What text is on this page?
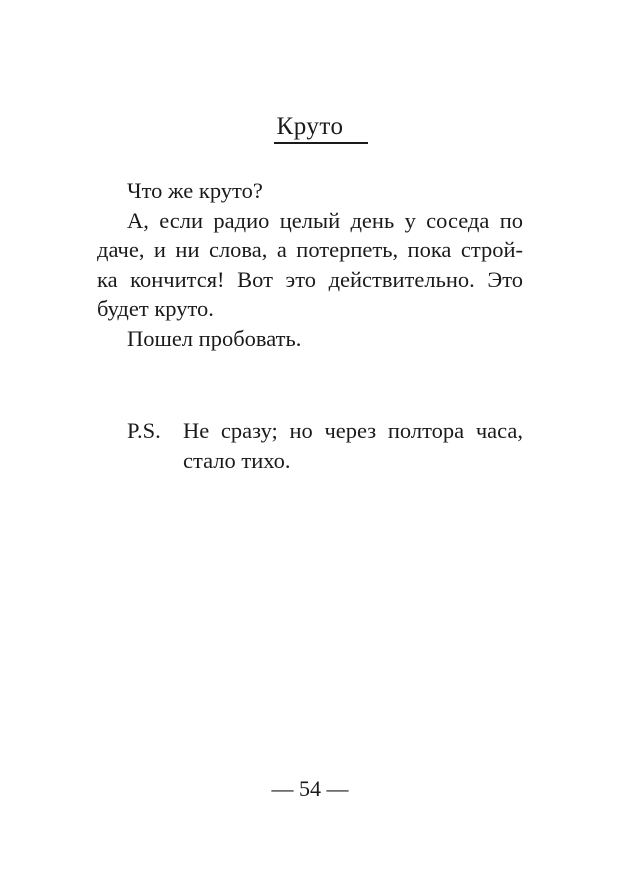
Круто
Что же круто?
А, если радио целый день у соседа по
даче, и ни слова, а потерпеть, пока строй-
ка кончится! Вот это действительно. Это
будет круто.
Пошел пробовать.
P.S. Не сразу; но через полтора часа,
стало тихо.
— 54 —
